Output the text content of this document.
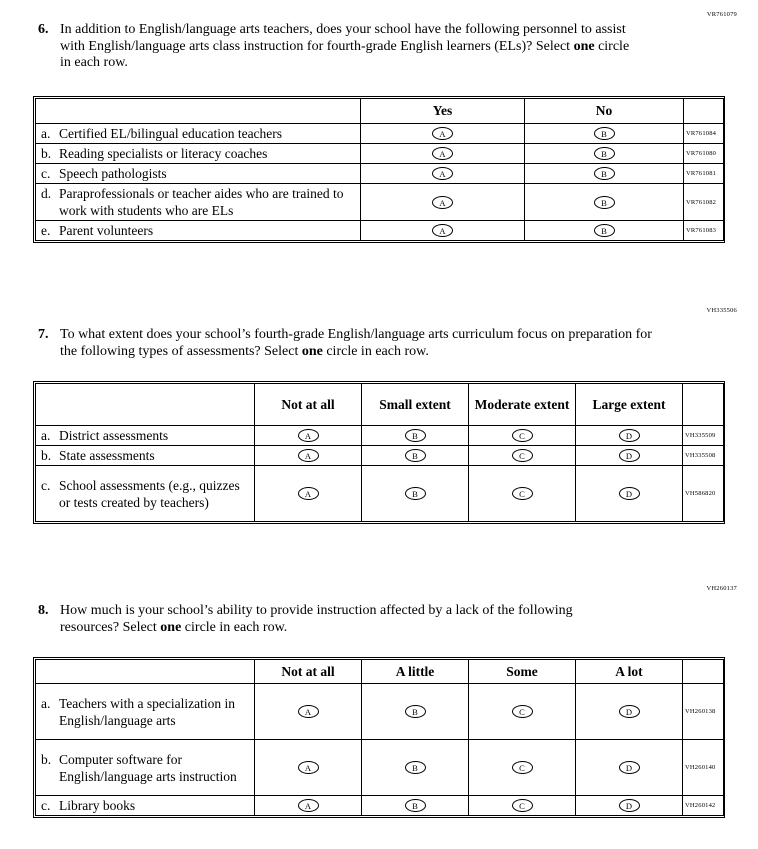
VR761079
6. In addition to English/language arts teachers, does your school have the following personnel to assist with English/language arts class instruction for fourth-grade English learners (ELs)? Select one circle in each row.
	Yes	No	
a. Certified EL/bilingual education teachers	A	B	VR761084
b. Reading specialists or literacy coaches	A	B	VR761080
c. Speech pathologists	A	B	VR761081
d. Paraprofessionals or teacher aides who are trained to work with students who are ELs	A	B	VR761082
e. Parent volunteers	A	B	VR761083
VH335506
7. To what extent does your school’s fourth-grade English/language arts curriculum focus on preparation for the following types of assessments? Select one circle in each row.
	Not at all	Small extent	Moderate extent	Large extent	
a. District assessments	A	B	C	D	VH335509
b. State assessments	A	B	C	D	VH335508
c. School assessments (e.g., quizzes or tests created by teachers)	A	B	C	D	VH586820
VH260137
8. How much is your school’s ability to provide instruction affected by a lack of the following resources? Select one circle in each row.
	Not at all	A little	Some	A lot	
a. Teachers with a specialization in English/language arts	A	B	C	D	VH260138
b. Computer software for English/language arts instruction	A	B	C	D	VH260140
c. Library books	A	B	C	D	VH260142
